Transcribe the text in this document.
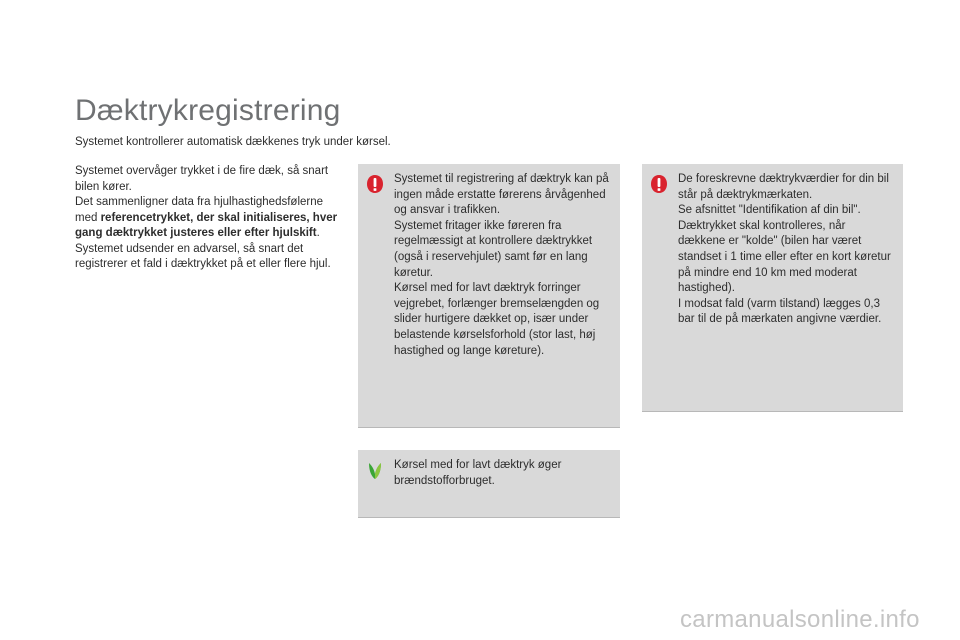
Dæktrykregistrering
Systemet kontrollerer automatisk dækkenes tryk under kørsel.

Systemet overvåger trykket i de fire dæk, så snart bilen kører.

Det sammenligner data fra hjulhastighedsfølerne med referencetrykket, der skal initialiseres, hver gang dæktrykket justeres eller efter hjulskift.

Systemet udsender en advarsel, så snart det registrerer et fald i dæktrykket på et eller flere hjul.

Systemet til registrering af dæktryk kan på ingen måde erstatte førerens årvågenhed og ansvar i trafikken.

Systemet fritager ikke føreren fra regelmæssigt at kontrollere dæktrykket (også i reservehjulet) samt før en lang køretur.

Kørsel med for lavt dæktryk forringer vejgrebet, forlænger bremselængden og slider hurtigere dækket op, især under belastende kørselsforhold (stor last, høj hastighed og lange køreture).

Kørsel med for lavt dæktryk øger brændstofforbruget.

De foreskrevne dæktrykværdier for din bil står på dæktrykmærkaten.

Se afsnittet "Identifikation af din bil".

Dæktrykket skal kontrolleres, når dækkene er "kolde" (bilen har været standset i 1 time eller efter en kort køretur på mindre end 10 km med moderat hastighed).

I modsat fald (varm tilstand) lægges 0,3 bar til de på mærkaten angivne værdier.

carmanualsonline.info
